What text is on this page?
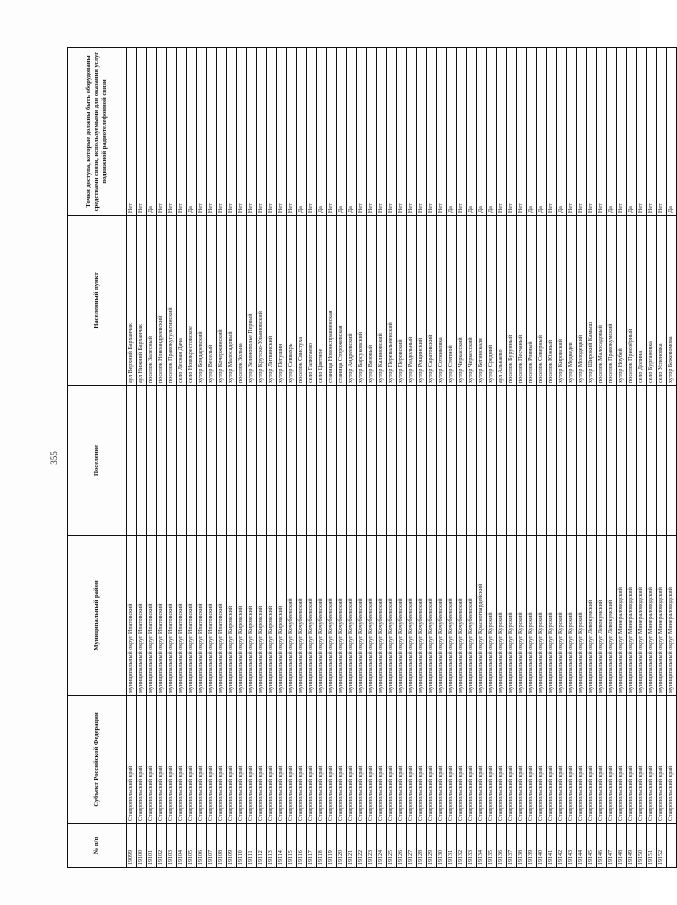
355
№ п/п	Субъект Российской Федерации	Муниципальный район	Поселение	Населенный пункт	Точки доступа, которые должны быть оборудованы средствами связи, используемыми для оказания услуг подвижной радиотелефонной связи
19099	Ставропольский край	муниципальный округ Ипатовский		аул Верхний Барханчак	Нет
19100	Ставропольский край	муниципальный округ Ипатовский		аул Нижний Барханчак	Нет
19101	Ставропольский край	муниципальный округ Ипатовский		поселок Залесный	Да
19102	Ставропольский край	муниципальный округ Ипатовский		поселок Новоандреевский	Нет
19103	Ставропольский край	муниципальный округ Ипатовский		поселок Правокугультинский	Нет
19104	Ставропольский край	муниципальный округ Ипатовский		село Лесная Дача	Нет
19105	Ставропольский край	муниципальный округ Ипатовский		село Новокрестовское	Да
19106	Ставропольский край	муниципальный округ Ипатовский		хутор Бондаревский	Нет
19107	Ставропольский край	муниципальный округ Ипатовский		хутор Веселый	Нет
19108	Ставропольский край	муниципальный округ Ипатовский		хутор Кочержинский	Нет
19109	Ставропольский край	муниципальный округ Кировский		хутор Малосадовый	Нет
19110	Ставропольский край	муниципальный округ Кировский		поселок Зольна	Нет
19111	Ставропольский край	муниципальный округ Кировский		хутор Зеленополье Первый	Нет
19112	Ставропольский край	муниципальный округ Кировский		хутор Крутско-Ульяновский	Нет
19113	Ставропольский край	муниципальный округ Кировский		хутор Литвинский	Нет
19114	Ставропольский край	муниципальный округ Кировский		хутор Пегушин	Нет
19115	Ставропольский край	муниципальный округ Кочубеевский		хутор Севвахрь	Нет
19116	Ставропольский край	муниципальный округ Кочубеевский		поселок Свистуха	Да
19117	Ставропольский край	муниципальный округ Кочубеевский		село Галюгаево	Нет
19118	Ставропольский край	муниципальный округ Кочубеевский		село Цветное	Да
19119	Ставропольский край	муниципальный округ Кочубеевский		станица Новоисправненская	Нет
19120	Ставропольский край	муниципальный округ Кочубеевский		станица Сторожевская	Да
19121	Ставропольский край	муниципальный округ Кочубеевский		хутор Андреевский	Да
19122	Ставропольский край	муниципальный округ Кочубеевский		хутор Барсуковский	Нет
19123	Ставропольский край	муниципальный округ Кочубеевский		хутор Вязовый	Нет
19124	Ставропольский край	муниципальный округ Кочубеевский		хутор Калиновский	Нет
19125	Ставропольский край	муниципальный округ Кочубеевский		хутор Перевальненский	Нет
19126	Ставропольский край	муниципальный округ Кочубеевский		хутор Перовский	Нет
19127	Ставропольский край	муниципальный округ Кочубеевский		хутор Раздольный	Нет
19128	Ставропольский край	муниципальный округ Кочубеевский		хутор Рощинский	Нет
19129	Ставропольский край	муниципальный округ Кочубеевский		хутор Саратовский	Нет
19130	Ставропольский край	муниципальный округ Кочубеевский		хутор Сотниковка	Нет
19131	Ставропольский край	муниципальный округ Кочубеевский		хутор Степной	Да
19132	Ставропольский край	муниципальный округ Кочубеевский		хутор Черкасский	Нет
19133	Ставропольский край	муниципальный округ Кочубеевский		хутор Черкесский	Да
19134	Ставропольский край	муниципальный округ Красногвардейский		хутор Бегинскаля	Да
19135	Ставропольский край	муниципальный округ Курский		хутор Средний	Да
19136	Ставропольский край	муниципальный округ Курский		аул Алькаево	Нет
19137	Ставропольский край	муниципальный округ Курский		поселок Бурунный	Нет
19138	Ставропольский край	муниципальный округ Курский		поселок Песчаный	Нет
19139	Ставропольский край	муниципальный округ Курский		поселок Ровный	Да
19140	Ставропольский край	муниципальный округ Курский		поселок Северный	Да
19141	Ставропольский край	муниципальный округ Курский		поселок Южный	Нет
19142	Ставропольский край	муниципальный округ Курский		хутор Кировский	Да
19143	Ставропольский край	муниципальный округ Курский		хутор Медведев	Нет
19144	Ставропольский край	муниципальный округ Курский		хутор Молодецкий	Нет
19145	Ставропольский край	муниципальный округ Левокумский		хутор Широкий Камыш	Нет
19146	Ставропольский край	муниципальный округ Левокумский		поселок Малосадовый	Нет
19147	Ставропольский край	муниципальный округ Левокумский		поселок Правокумский	Да
19148	Ставропольский край	муниципальный округ Минераловодский		хутор Ноубей	Нет
19149	Ставропольский край	муниципальный округ Минераловодский		поселок Приозёрный	Да
19150	Ставропольский край	муниципальный округ Минераловодский		село Долина	Нет
19151	Ставропольский край	муниципальный округ Минераловодский		село Бургановка	Нет
19152	Ставропольский край	муниципальный округ Минераловодский		село Успеновка	Нет
	Ставропольский край	муниципальный округ Минераловодский		хутор Бежевомова	Да
